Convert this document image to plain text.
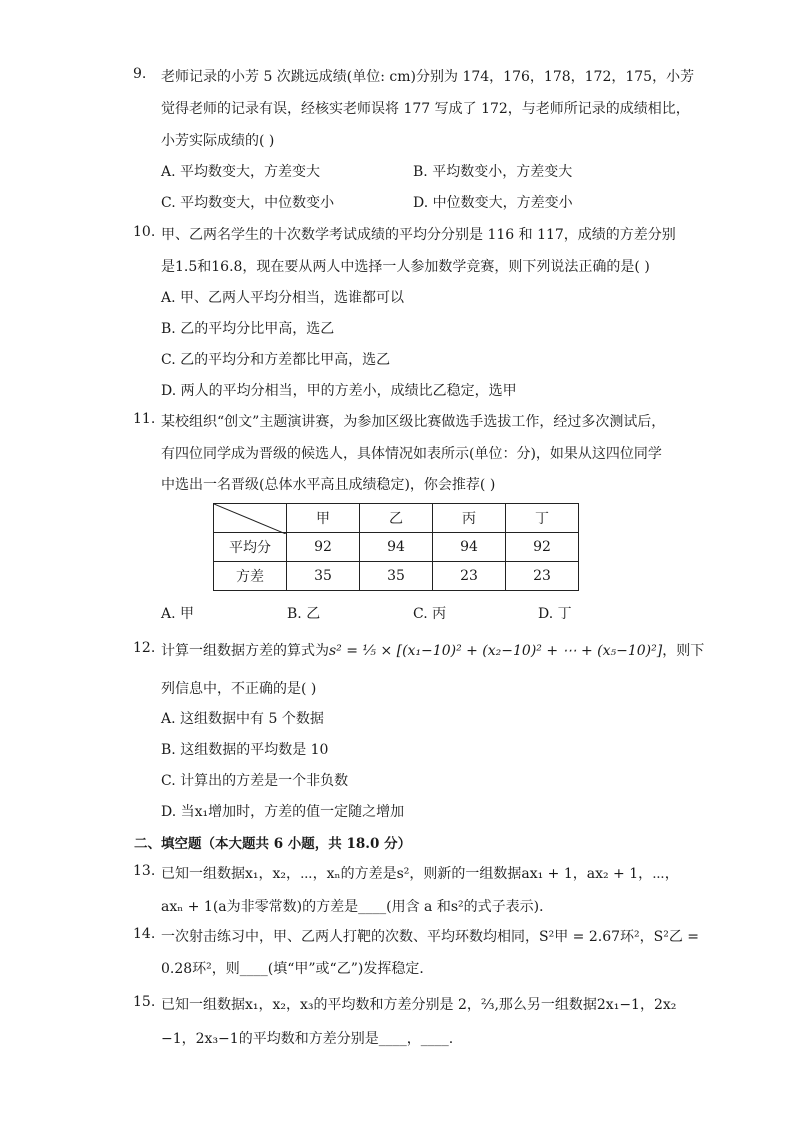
9.	老师记录的小芳 5 次跳远成绩(单位: cm)分别为 174，176，178，172，175，小芳
觉得老师的记录有误，经核实老师误将 177 写成了 172，与老师所记录的成绩相比，
小芳实际成绩的( )
A. 平均数变大，方差变大	B. 平均数变小，方差变大
C. 平均数变大，中位数变小	D. 中位数变大，方差变小
10. 甲、乙两名学生的十次数学考试成绩的平均分分别是 116 和 117，成绩的方差分别
是1.5和16.8，现在要从两人中选择一人参加数学竞赛，则下列说法正确的是( )
A. 甲、乙两人平均分相当，选谁都可以
B. 乙的平均分比甲高，选乙
C. 乙的平均分和方差都比甲高，选乙
D. 两人的平均分相当，甲的方差小，成绩比乙稳定，选甲
11. 某校组织“创文”主题演讲赛，为参加区级比赛做选手选拔工作，经过多次测试后，
有四位同学成为晋级的候选人，具体情况如表所示(单位：分)，如果从这四位同学
中选出一名晋级(总体水平高且成绩稳定)，你会推荐( )
	甲	乙	丙	丁
平均分	92	94	94	92
方差	35	35	23	23
A. 甲	B. 乙	C. 丙	D. 丁
12. 计算一组数据方差的算式为s² = ⅕ × [(x₁−10)² + (x₂−10)² + ⋯ + (x₅−10)²]，则下
列信息中，不正确的是( )
A. 这组数据中有 5 个数据
B. 这组数据的平均数是 10
C. 计算出的方差是一个非负数
D. 当x₁增加时，方差的值一定随之增加
二、填空题（本大题共 6 小题，共 18.0 分）
13. 已知一组数据x₁，x₂，⋯，xₙ的方差是s²，则新的一组数据ax₁ + 1，ax₂ + 1，⋯，
axₙ + 1(a为非零常数)的方差是____(用含 a 和s²的式子表示)．
14. 一次射击练习中，甲、乙两人打靶的次数、平均环数均相同，S²甲 = 2.67环²，S²乙 =
0.28环²，则____(填“甲”或“乙”)发挥稳定．
15. 已知一组数据x₁，x₂，x₃的平均数和方差分别是 2，⅔,那么另一组数据2x₁−1，2x₂
−1，2x₃−1的平均数和方差分别是____，____.
